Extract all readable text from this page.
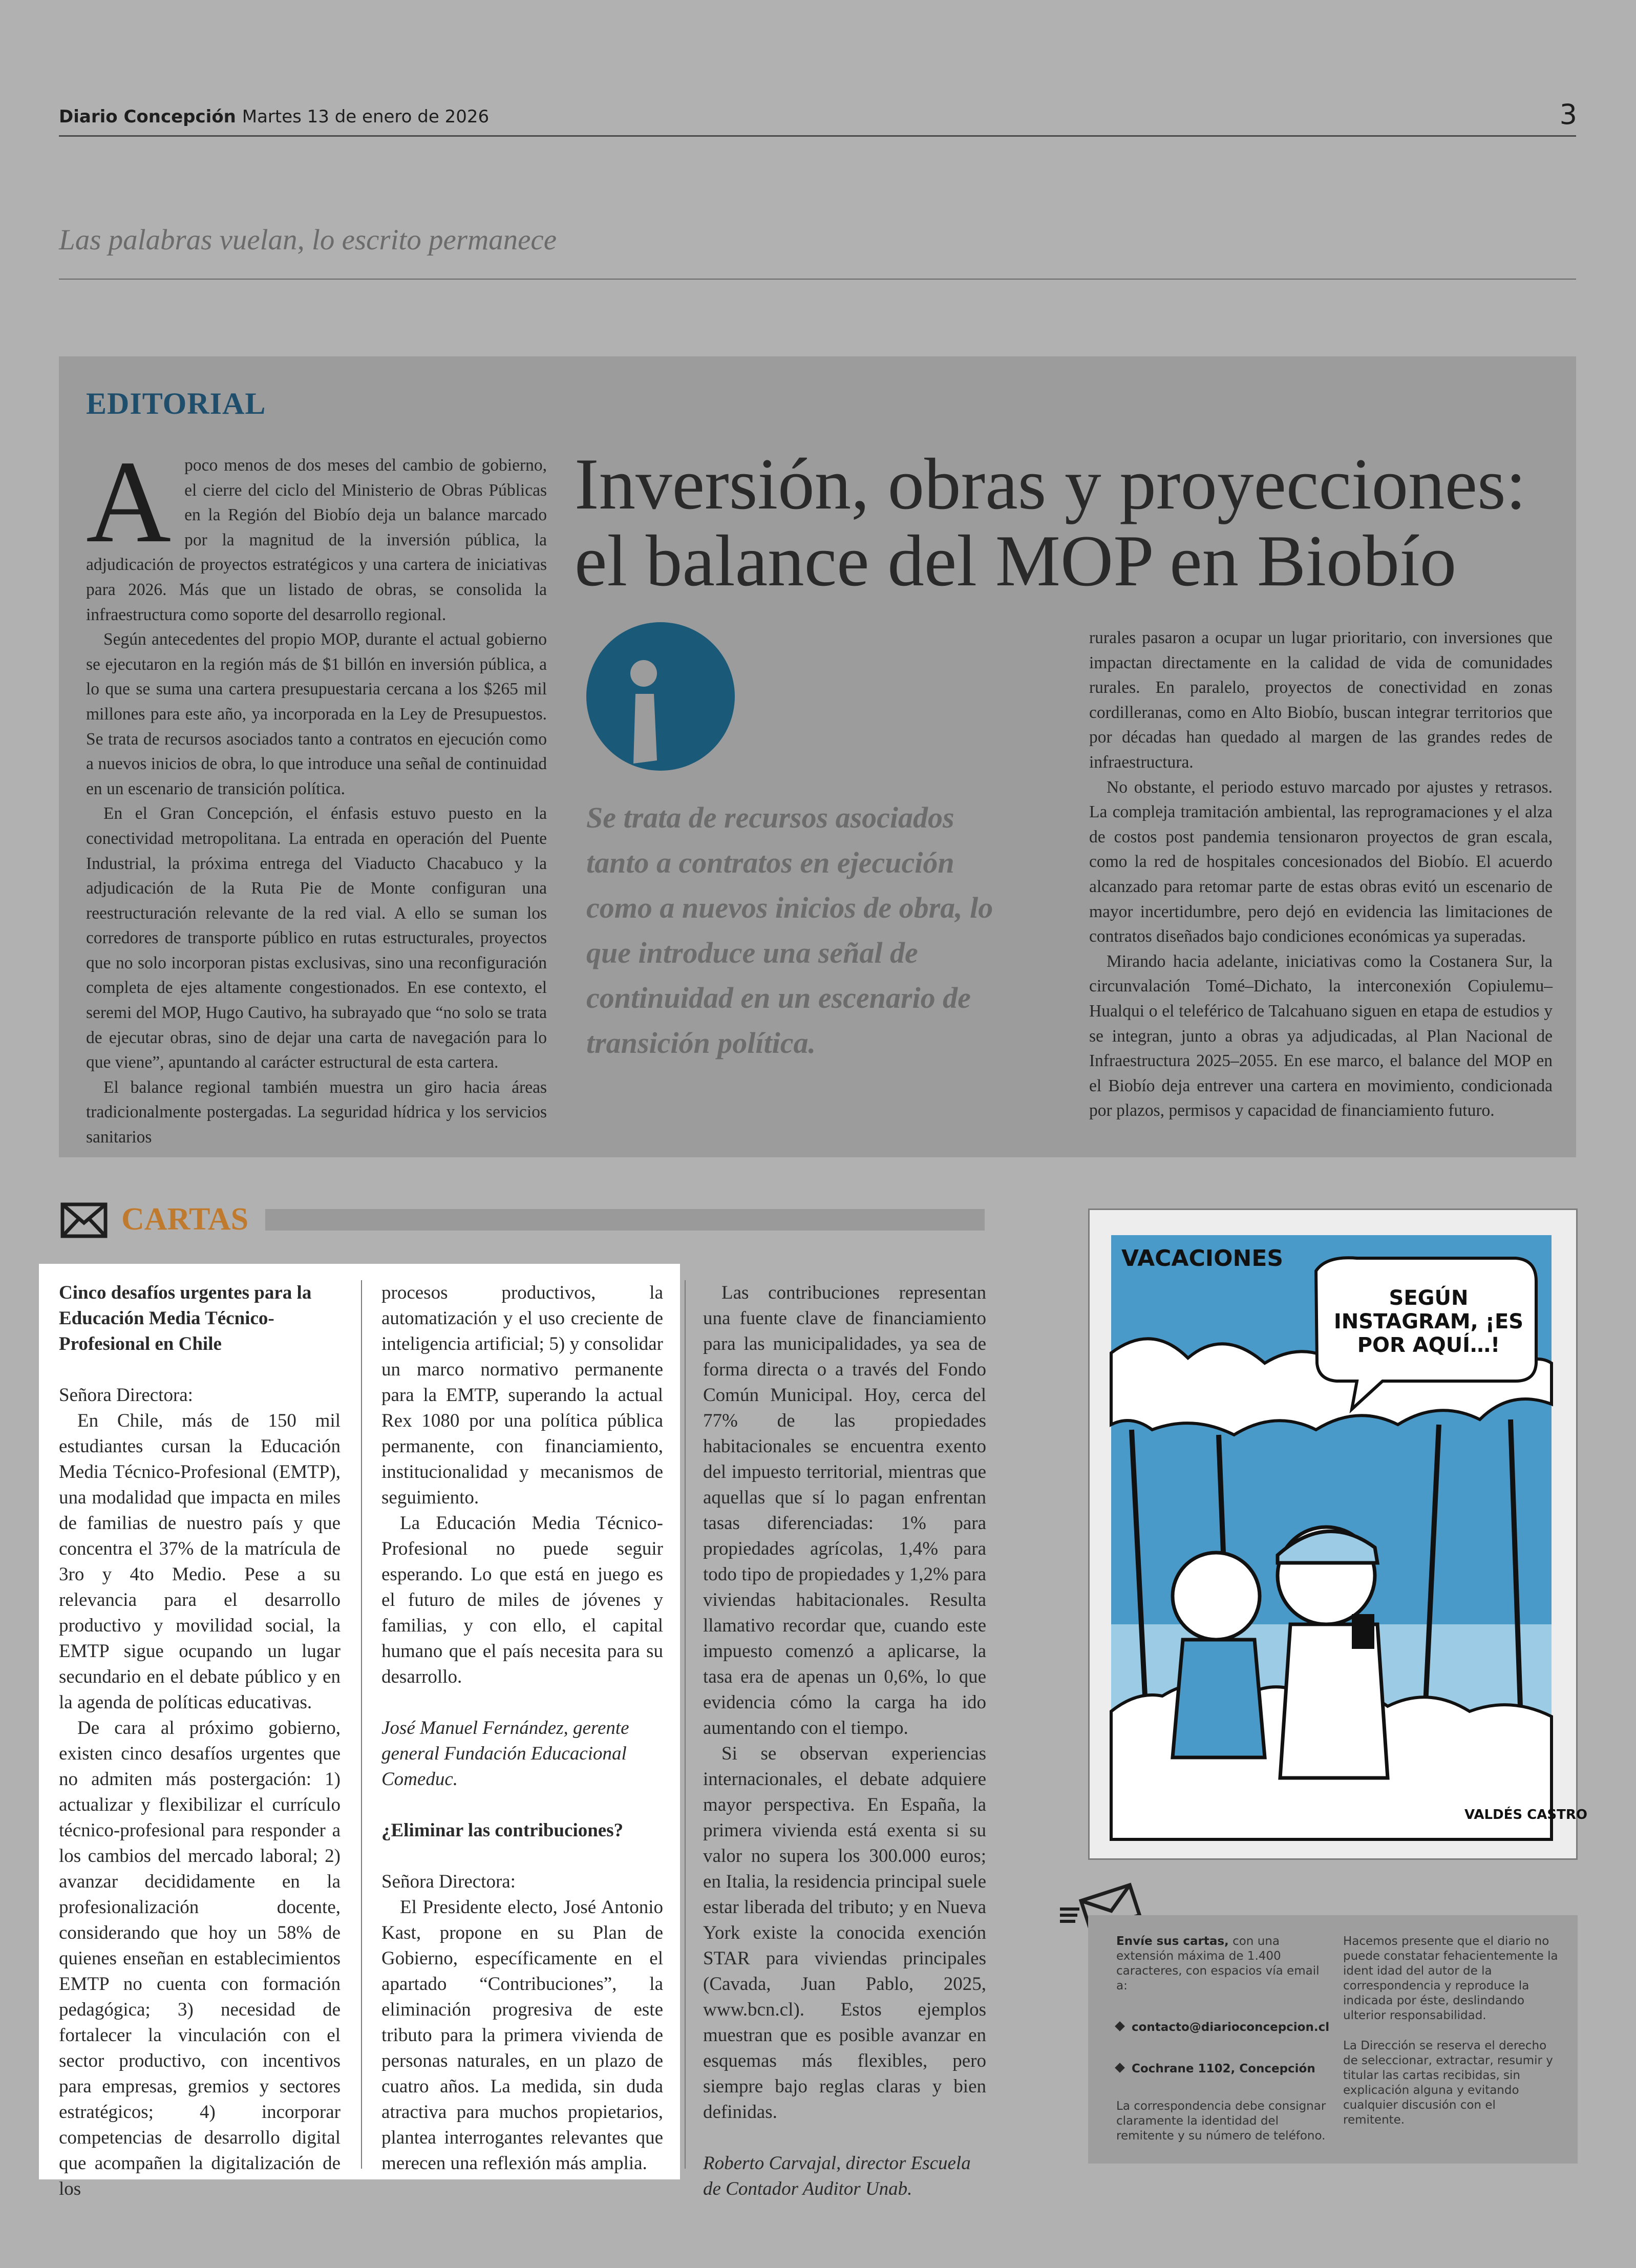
Diario Concepción Martes 13 de enero de 2026	3
Las palabras vuelan, lo escrito permanece
EDITORIAL

Apoco menos de dos meses del cambio de gobierno, el cierre del ciclo del Ministerio de Obras Públicas en la Región del Biobío deja un balance marcado por la magnitud de la inversión pública, la adjudicación de proyectos estratégicos y una cartera de iniciativas para 2026. Más que un listado de obras, se consolida la infraestructura como soporte del desarrollo regional.

Según antecedentes del propio MOP, durante el actual gobierno se ejecutaron en la región más de $1 billón en inversión pública, a lo que se suma una cartera presupuestaria cercana a los $265 mil millones para este año, ya incorporada en la Ley de Presupuestos. Se trata de recursos asociados tanto a contratos en ejecución como a nuevos inicios de obra, lo que introduce una señal de continuidad en un escenario de transición política.

En el Gran Concepción, el énfasis estuvo puesto en la conectividad metropolitana. La entrada en operación del Puente Industrial, la próxima entrega del Viaducto Chacabuco y la adjudicación de la Ruta Pie de Monte configuran una reestructuración relevante de la red vial. A ello se suman los corredores de transporte público en rutas estructurales, proyectos que no solo incorporan pistas exclusivas, sino una reconfiguración completa de ejes altamente congestionados. En ese contexto, el seremi del MOP, Hugo Cautivo, ha subrayado que “no solo se trata de ejecutar obras, sino de dejar una carta de navegación para lo que viene”, apuntando al carácter estructural de esta cartera.

El balance regional también muestra un giro hacia áreas tradicionalmente postergadas. La seguridad hídrica y los servicios sanitarios

Inversión, obras y proyecciones:
el balance del MOP en Biobío
Se trata de recursos asociados tanto a contratos en ejecución como a nuevos inicios de obra, lo que introduce una señal de continuidad en un escenario de transición política.

rurales pasaron a ocupar un lugar prioritario, con inversiones que impactan directamente en la calidad de vida de comunidades rurales. En paralelo, proyectos de conectividad en zonas cordilleranas, como en Alto Biobío, buscan integrar territorios que por décadas han quedado al margen de las grandes redes de infraestructura.

No obstante, el periodo estuvo marcado por ajustes y retrasos. La compleja tramitación ambiental, las reprogramaciones y el alza de costos post pandemia tensionaron proyectos de gran escala, como la red de hospitales concesionados del Biobío. El acuerdo alcanzado para retomar parte de estas obras evitó un escenario de mayor incertidumbre, pero dejó en evidencia las limitaciones de contratos diseñados bajo condiciones económicas ya superadas.

Mirando hacia adelante, iniciativas como la Costanera Sur, la circunvalación Tomé–Dichato, la interconexión Copiulemu–Hualqui o el teleférico de Talcahuano siguen en etapa de estudios y se integran, junto a obras ya adjudicadas, al Plan Nacional de Infraestructura 2025–2055. En ese marco, el balance del MOP en el Biobío deja entrever una cartera en movimiento, condicionada por plazos, permisos y capacidad de financiamiento futuro.

CARTAS

Cinco desafíos urgentes para la Educación Media Técnico-Profesional en Chile

Señora Directora:

En Chile, más de 150 mil estudiantes cursan la Educación Media Técnico-Profesional (EMTP), una modalidad que impacta en miles de familias de nuestro país y que concentra el 37% de la matrícula de 3ro y 4to Medio. Pese a su relevancia para el desarrollo productivo y movilidad social, la EMTP sigue ocupando un lugar secundario en el debate público y en la agenda de políticas educativas.

De cara al próximo gobierno, existen cinco desafíos urgentes que no admiten más postergación: 1) actualizar y flexibilizar el currículo técnico-profesional para responder a los cambios del mercado laboral; 2) avanzar decididamente en la profesionalización docente, considerando que hoy un 58% de quienes enseñan en establecimientos EMTP no cuenta con formación pedagógica; 3) necesidad de fortalecer la vinculación con el sector productivo, con incentivos para empresas, gremios y sectores estratégicos; 4) incorporar competencias de desarrollo digital que acompañen la digitalización de los

procesos productivos, la automatización y el uso creciente de inteligencia artificial; 5) y consolidar un marco normativo permanente para la EMTP, superando la actual Rex 1080 por una política pública permanente, con financiamiento, institucionalidad y mecanismos de seguimiento.

La Educación Media Técnico-Profesional no puede seguir esperando. Lo que está en juego es el futuro de miles de jóvenes y familias, y con ello, el capital humano que el país necesita para su desarrollo.

José Manuel Fernández, gerente general Fundación Educacional Comeduc.

¿Eliminar las contribuciones?

Señora Directora:

El Presidente electo, José Antonio Kast, propone en su Plan de Gobierno, específicamente en el apartado “Contribuciones”, la eliminación progresiva de este tributo para la primera vivienda de personas naturales, en un plazo de cuatro años. La medida, sin duda atractiva para muchos propietarios, plantea interrogantes relevantes que merecen una reflexión más amplia.

Las contribuciones representan una fuente clave de financiamiento para las municipalidades, ya sea de forma directa o a través del Fondo Común Municipal. Hoy, cerca del 77% de las propiedades habitacionales se encuentra exento del impuesto territorial, mientras que aquellas que sí lo pagan enfrentan tasas diferenciadas: 1% para propiedades agrícolas, 1,4% para todo tipo de propiedades y 1,2% para viviendas habitacionales. Resulta llamativo recordar que, cuando este impuesto comenzó a aplicarse, la tasa era de apenas un 0,6%, lo que evidencia cómo la carga ha ido aumentando con el tiempo.

Si se observan experiencias internacionales, el debate adquiere mayor perspectiva. En España, la primera vivienda está exenta si su valor no supera los 300.000 euros; en Italia, la residencia principal suele estar liberada del tributo; y en Nueva York existe la conocida exención STAR para viviendas principales (Cavada, Juan Pablo, 2025, www.bcn.cl). Estos ejemplos muestran que es posible avanzar en esquemas más flexibles, pero siempre bajo reglas claras y bien definidas.

Roberto Carvajal, director Escuela de Contador Auditor Unab.

VACACIONES
SEGÚN INSTAGRAM, ¡ES POR AQUÍ…!
VALDÉS CASTRO
Envíe sus cartas, con una extensión máxima de 1.400 caracteres, con espacios vía email a:
contacto@diarioconcepcion.cl
Cochrane 1102, Concepción
La correspondencia debe consignar claramente la identidad del remitente y su número de teléfono.
Hacemos presente que el diario no puede constatar fehacientemente la ident idad del autor de la correspondencia y reproduce la indicada por éste, deslindando ulterior responsabilidad.
La Dirección se reserva el derecho de seleccionar, extractar, resumir y titular las cartas recibidas, sin explicación alguna y evitando cualquier discusión con el remitente.
